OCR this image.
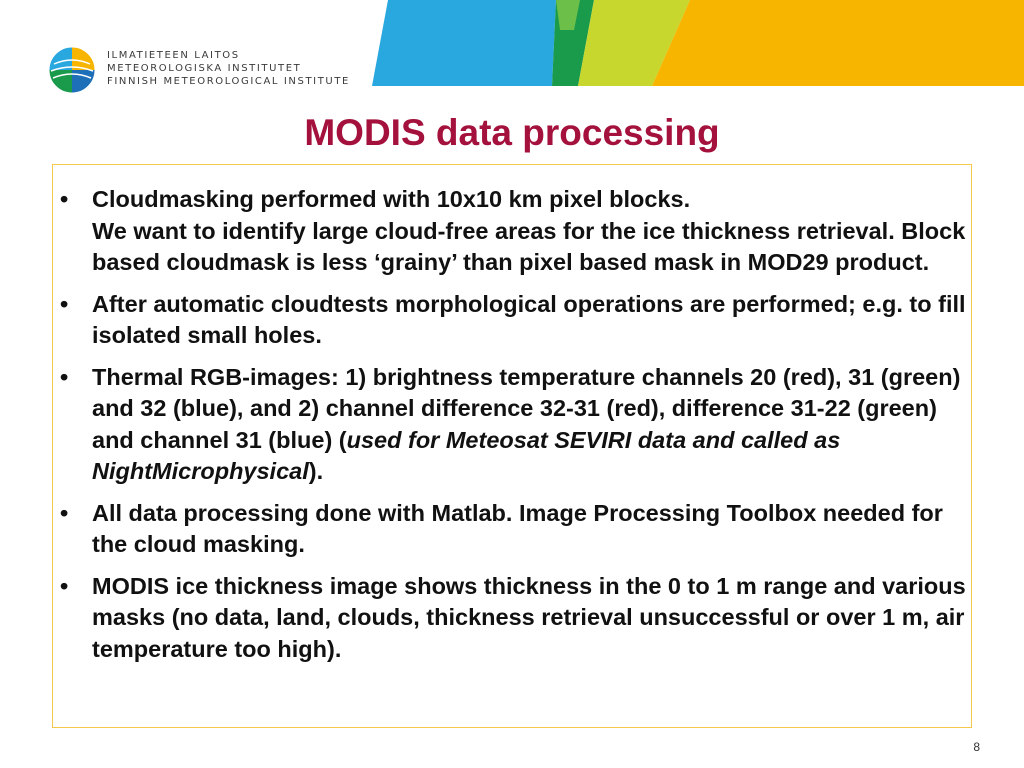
ILMATIETEEN LAITOS
METEOROLOGISKA INSTITUTET
FINNISH METEOROLOGICAL INSTITUTE
MODIS data processing
• Cloudmasking performed with 10x10 km pixel blocks.
We want to identify large cloud-free areas for the ice thickness retrieval. Block based cloudmask is less ‘grainy’ than pixel based mask in MOD29 product.
• After automatic cloudtests morphological operations are performed; e.g. to fill isolated small holes.
• Thermal RGB-images: 1) brightness temperature channels 20 (red), 31 (green) and 32 (blue), and 2) channel difference 32-31 (red), difference 31-22 (green) and channel 31 (blue) (used for Meteosat SEVIRI data and called as NightMicrophysical).
• All data processing done with Matlab. Image Processing Toolbox needed for the cloud masking.
• MODIS ice thickness image shows thickness in the 0 to 1 m range and various masks (no data, land, clouds, thickness retrieval unsuccessful or over 1 m, air temperature too high).
8
